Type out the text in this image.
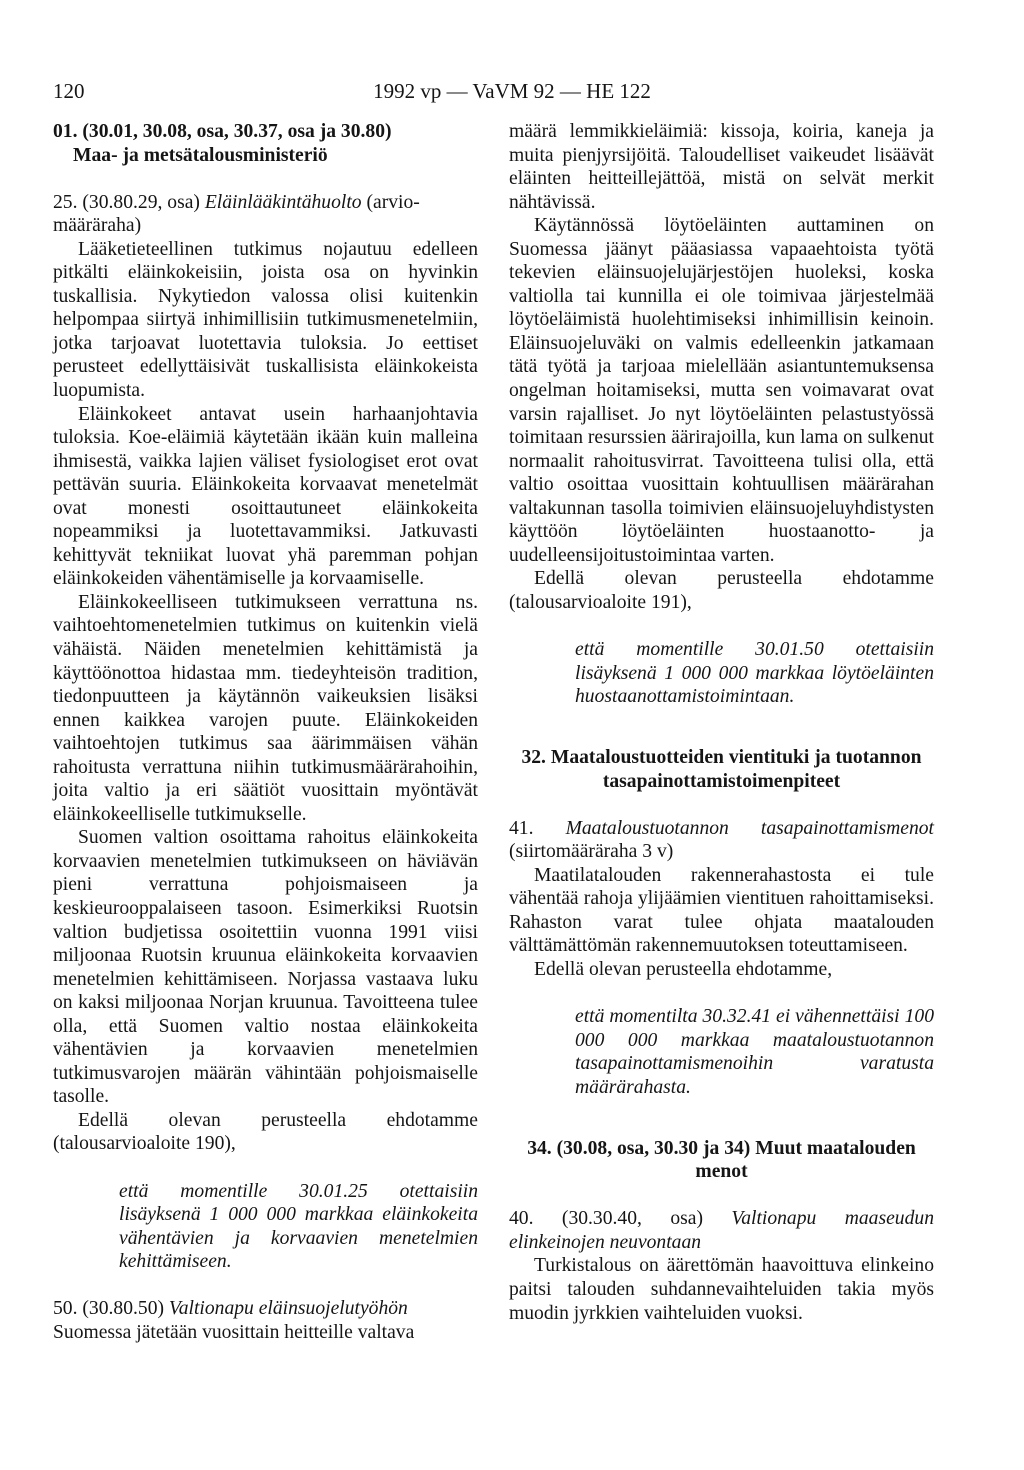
120	1992 vp — VaVM 92 — HE 122

01. (30.01, 30.08, osa, 30.37, osa ja 30.80)
Maa- ja metsätalousministeriö

25. (30.80.29, osa) Eläinlääkintähuolto (arvio-
määräraha)

Lääketieteellinen tutkimus nojautuu edelleen pitkälti eläinkokeisiin, joista osa on hyvinkin tuskallisia. Nykytiedon valossa olisi kuitenkin helpompaa siirtyä inhimillisiin tutkimusmenetelmiin, jotka tarjoavat luotettavia tuloksia. Jo eettiset perusteet edellyttäisivät tuskallisista eläinkokeista luopumista.

Eläinkokeet antavat usein harhaanjohtavia tuloksia. Koe-eläimiä käytetään ikään kuin malleina ihmisestä, vaikka lajien väliset fysiologiset erot ovat pettävän suuria. Eläinkokeita korvaavat menetelmät ovat monesti osoittautuneet eläinkokeita nopeammiksi ja luotettavammiksi. Jatkuvasti kehittyvät tekniikat luovat yhä paremman pohjan eläinkokeiden vähentämiselle ja korvaamiselle.

Eläinkokeelliseen tutkimukseen verrattuna ns. vaihtoehtomenetelmien tutkimus on kuitenkin vielä vähäistä. Näiden menetelmien kehittämistä ja käyttöönottoa hidastaa mm. tiedeyhteisön tradition, tiedonpuutteen ja käytännön vaikeuksien lisäksi ennen kaikkea varojen puute. Eläinkokeiden vaihtoehtojen tutkimus saa äärimmäisen vähän rahoitusta verrattuna niihin tutkimusmäärärahoihin, joita valtio ja eri säätiöt vuosittain myöntävät eläinkokeelliselle tutkimukselle.

Suomen valtion osoittama rahoitus eläinkokeita korvaavien menetelmien tutkimukseen on häviävän pieni verrattuna pohjoismaiseen ja keskieurooppalaiseen tasoon. Esimerkiksi Ruotsin valtion budjetissa osoitettiin vuonna 1991 viisi miljoonaa Ruotsin kruunua eläinkokeita korvaavien menetelmien kehittämiseen. Norjassa vastaava luku on kaksi miljoonaa Norjan kruunua. Tavoitteena tulee olla, että Suomen valtio nostaa eläinkokeita vähentävien ja korvaavien menetelmien tutkimusvarojen määrän vähintään pohjoismaiselle tasolle.

Edellä olevan perusteella ehdotamme (talousarvioaloite 190),

että momentille 30.01.25 otettaisiin lisäyksenä 1 000 000 markkaa eläinkokeita vähentävien ja korvaavien menetelmien kehittämiseen.

50. (30.80.50) Valtionapu eläinsuojelutyöhön

Suomessa jätetään vuosittain heitteille valtava

määrä lemmikkieläimiä: kissoja, koiria, kaneja ja muita pienjyrsijöitä. Taloudelliset vaikeudet lisäävät eläinten heitteillejättöä, mistä on selvät merkit nähtävissä.

Käytännössä löytöeläinten auttaminen on Suomessa jäänyt pääasiassa vapaaehtoista työtä tekevien eläinsuojelujärjestöjen huoleksi, koska valtiolla tai kunnilla ei ole toimivaa järjestelmää löytöeläimistä huolehtimiseksi inhimillisin keinoin. Eläinsuojeluväki on valmis edelleenkin jatkamaan tätä työtä ja tarjoaa mielellään asiantuntemuksensa ongelman hoitamiseksi, mutta sen voimavarat ovat varsin rajalliset. Jo nyt löytöeläinten pelastustyössä toimitaan resurssien äärirajoilla, kun lama on sulkenut normaalit rahoitusvirrat. Tavoitteena tulisi olla, että valtio osoittaa vuosittain kohtuullisen määrärahan valtakunnan tasolla toimivien eläinsuojeluyhdistysten käyttöön löytöeläinten huostaanotto- ja uudelleensijoitustoimintaa varten.

Edellä olevan perusteella ehdotamme (talousarvioaloite 191),

että momentille 30.01.50 otettaisiin lisäyksenä 1 000 000 markkaa löytöeläinten huostaanottamistoimintaan.

32. Maataloustuotteiden vientituki ja tuotannon
tasapainottamistoimenpiteet

41. Maataloustuotannon tasapainottamismenot (siirtomääräraha 3 v)

Maatilatalouden rakennerahastosta ei tule vähentää rahoja ylijäämien vientituen rahoittamiseksi. Rahaston varat tulee ohjata maatalouden välttämättömän rakennemuutoksen toteuttamiseen.

Edellä olevan perusteella ehdotamme,

että momentilta 30.32.41 ei vähennettäisi 100 000 000 markkaa maataloustuotannon tasapainottamismenoihin varatusta määrärahasta.

34. (30.08, osa, 30.30 ja 34) Muut maatalouden
menot

40. (30.30.40, osa) Valtionapu maaseudun elinkeinojen neuvontaan

Turkistalous on äärettömän haavoittuva elinkeino paitsi talouden suhdannevaihteluiden takia myös muodin jyrkkien vaihteluiden vuoksi.
